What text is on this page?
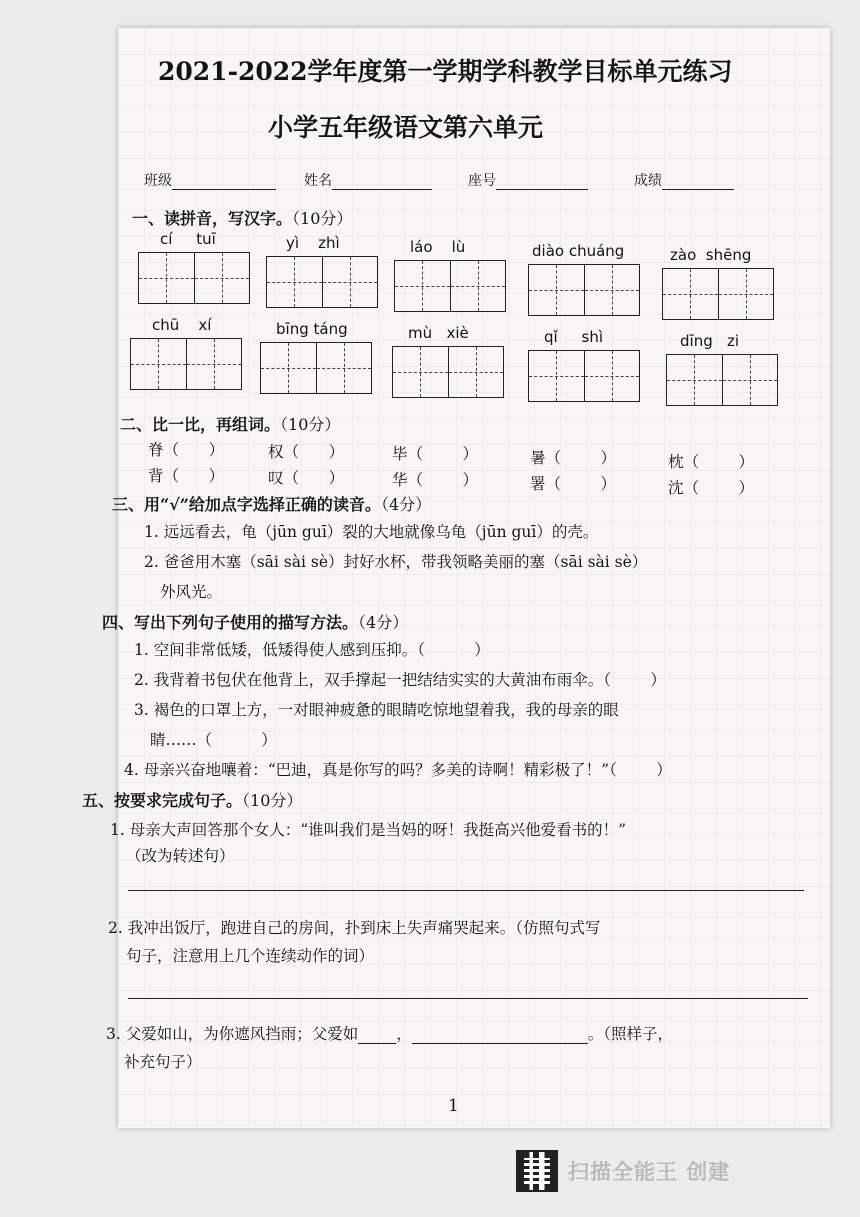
2021-2022学年度第一学期学科教学目标单元练习
小学五年级语文第六单元
班级	姓名	座号	成绩
一、读拼音，写汉字。（10分）
cí tuī	yì zhì	láo lù	diào chuáng	zào shēng
chū xí	bīng táng	mù xiè	qǐ shì	dīng zi
二、比一比，再组词。（10分）
脊（ ）	权（ ）	毕（	）	暑（	）	枕（	）
背（ ）	叹（ ）	华（	）	署（	）	沈（	）
三、用“√”给加点字选择正确的读音。（4分）
1. 远远看去，龟（jūn guī）裂的大地就像乌龟（jūn guī）的壳。
2. 爸爸用木塞（sāi sài sè）封好水杯，带我领略美丽的塞（sāi sài sè）
外风光。
四、写出下列句子使用的描写方法。（4分）
1. 空间非常低矮，低矮得使人感到压抑。（	）
2. 我背着书包伏在他背上，双手撑起一把结结实实的大黄油布雨伞。（	）
3. 褐色的口罩上方，一对眼神疲惫的眼睛吃惊地望着我，我的母亲的眼
睛……（	）
4. 母亲兴奋地嚷着：“巴迪，真是你写的吗？多美的诗啊！精彩极了！”（	）
五、按要求完成句子。（10分）
1. 母亲大声回答那个女人：“谁叫我们是当妈的呀！我挺高兴他爱看书的！”
（改为转述句）
2. 我冲出饭厅，跑进自己的房间，扑到床上失声痛哭起来。（仿照句式写
句子，注意用上几个连续动作的词）
3. 父爱如山，为你遮风挡雨；父爱如 ，	。（照样子，
补充句子）
1
扫描全能王 创建
